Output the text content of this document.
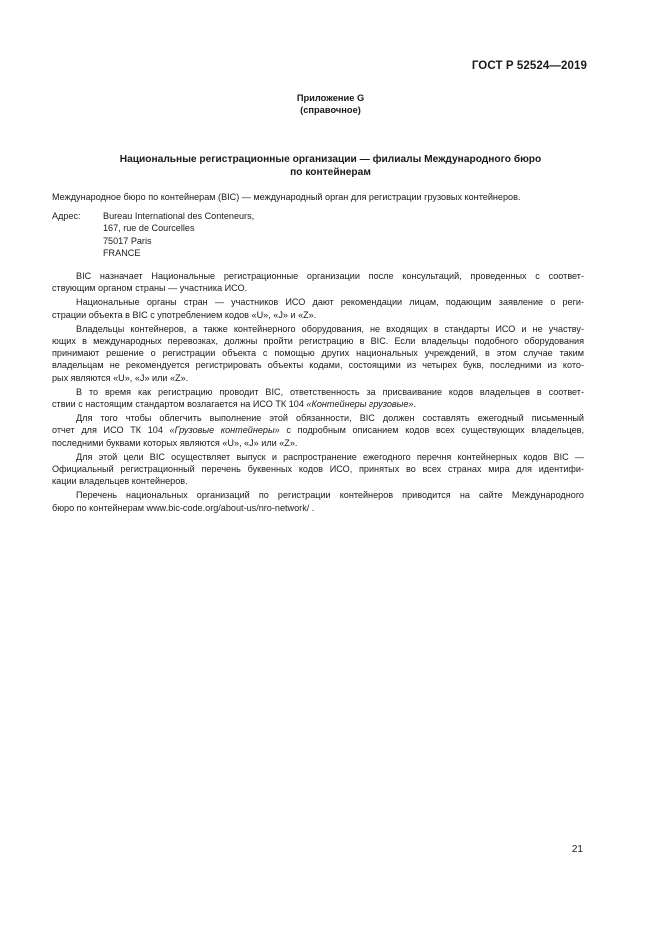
ГОСТ Р 52524—2019
Приложение G
(справочное)
Национальные регистрационные организации — филиалы Международного бюро
по контейнерам
Международное бюро по контейнерам (BIC) — международный орган для регистрации грузовых контейнеров.
Адрес:	Bureau International des Conteneurs,
167, rue de Courcelles
75017 Paris
FRANCE
BIC назначает Национальные регистрационные организации после консультаций, проведенных с соответ-
ствующим органом страны — участника ИСО.
Национальные органы стран — участников ИСО дают рекомендации лицам, подающим заявление о реги-
страции объекта в BIC с употреблением кодов «U», «J» и «Z».
Владельцы контейнеров, а также контейнерного оборудования, не входящих в стандарты ИСО и не участву-
ющих в международных перевозках, должны пройти регистрацию в BIC. Если владельцы подобного оборудования
принимают решение о регистрации объекта с помощью других национальных учреждений, в этом случае таким
владельцам не рекомендуется регистрировать объекты кодами, состоящими из четырех букв, последними из кото-
рых являются «U», «J» или «Z».
В то время как регистрацию проводит BIC, ответственность за присваивание кодов владельцев в соответ-
ствии с настоящим стандартом возлагается на ИСО ТК 104 «Контейнеры грузовые».
Для того чтобы облегчить выполнение этой обязанности, BIC должен составлять ежегодный письменный
отчет для ИСО ТК 104 «Грузовые контейнеры» с подробным описанием кодов всех существующих владельцев,
последними буквами которых являются «U», «J» или «Z».
Для этой цели BIC осуществляет выпуск и распространение ежегодного перечня контейнерных кодов BIC —
Официальный регистрационный перечень буквенных кодов ИСО, принятых во всех странах мира для идентифи-
кации владельцев контейнеров.
Перечень национальных организаций по регистрации контейнеров приводится на сайте Международного
бюро по контейнерам www.bic-code.org/about-us/nro-network/ .
21
